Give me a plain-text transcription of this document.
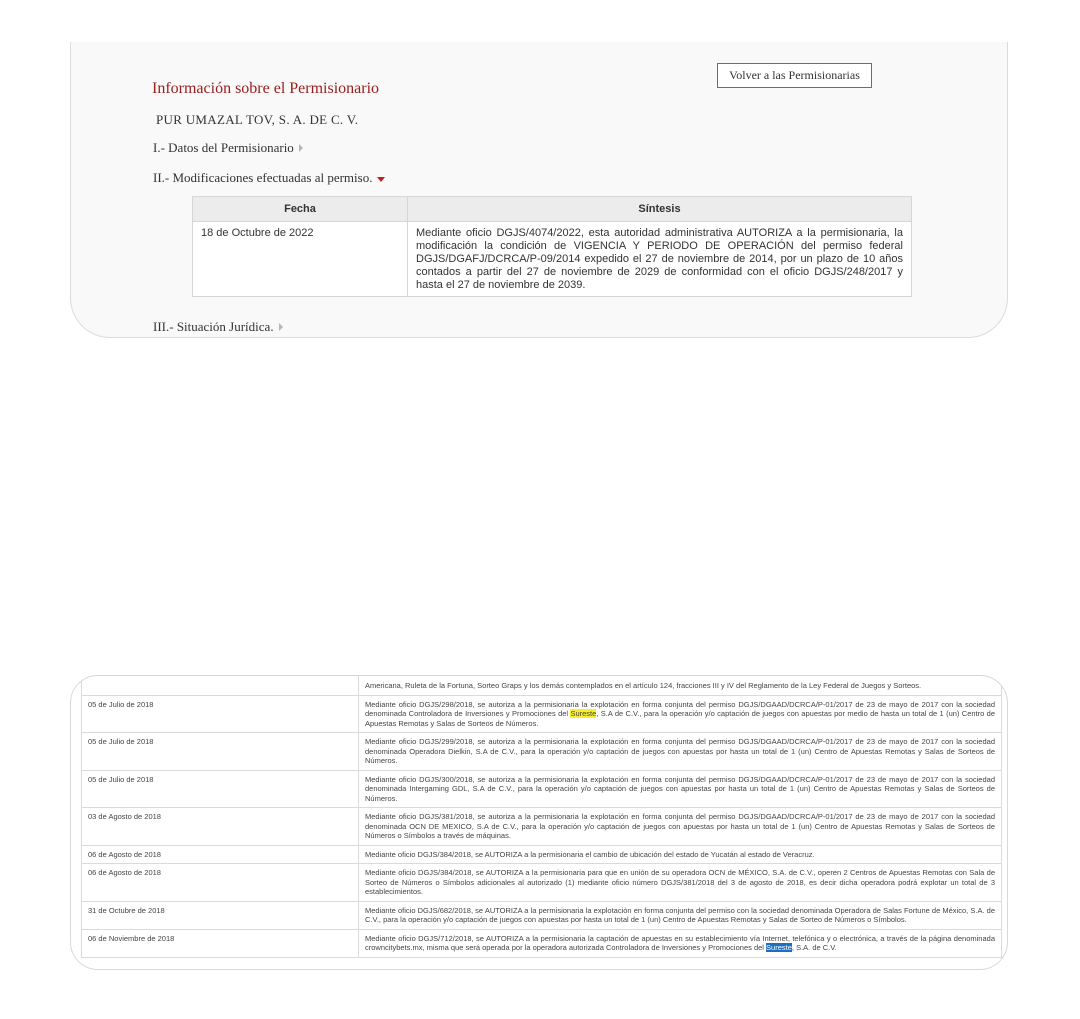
Información sobre el Permisionario
Volver a las Permisionarias
PUR UMAZAL TOV, S. A. DE C. V.
I.- Datos del Permisionario
II.- Modificaciones efectuadas al permiso.
Fecha	Síntesis
18 de Octubre de 2022	Mediante oficio DGJS/4074/2022, esta autoridad administrativa AUTORIZA a la permisionaria, la modificación la condición de VIGENCIA Y PERIODO DE OPERACIÓN del permiso federal DGJS/DGAFJ/DCRCA/P-09/2014 expedido el 27 de noviembre de 2014, por un plazo de 10 años contados a partir del 27 de noviembre de 2029 de conformidad con el oficio DGJS/248/2017 y hasta el 27 de noviembre de 2039.
III.- Situación Jurídica.
	Americana, Ruleta de la Fortuna, Sorteo Graps y los demás contemplados en el artículo 124, fracciones III y IV del Reglamento de la Ley Federal de Juegos y Sorteos.
05 de Julio de 2018	Mediante oficio DGJS/298/2018, se autoriza a la permisionaria la explotación en forma conjunta del permiso DGJS/DGAAD/DCRCA/P-01/2017 de 23 de mayo de 2017 con la sociedad denominada Controladora de Inversiones y Promociones del Sureste, S.A de C.V., para la operación y/o captación de juegos con apuestas por medio de hasta un total de 1 (un) Centro de Apuestas Remotas y Salas de Sorteos de Números.
05 de Julio de 2018	Mediante oficio DGJS/299/2018, se autoriza a la permisionaria la explotación en forma conjunta del permiso DGJS/DGAAD/DCRCA/P-01/2017 de 23 de mayo de 2017 con la sociedad denominada Operadora Dielkin, S.A de C.V., para la operación y/o captación de juegos con apuestas por hasta un total de 1 (un) Centro de Apuestas Remotas y Salas de Sorteos de Números.
05 de Julio de 2018	Mediante oficio DGJS/300/2018, se autoriza a la permisionaria la explotación en forma conjunta del permiso DGJS/DGAAD/DCRCA/P-01/2017 de 23 de mayo de 2017 con la sociedad denominada Intergaming GDL, S.A de C.V., para la operación y/o captación de juegos con apuestas por hasta un total de 1 (un) Centro de Apuestas Remotas y Salas de Sorteos de Números.
03 de Agosto de 2018	Mediante oficio DGJS/381/2018, se autoriza a la permisionaria la explotación en forma conjunta del permiso DGJS/DGAAD/DCRCA/P-01/2017 de 23 de mayo de 2017 con la sociedad denominada OCN DE MEXICO, S.A de C.V., para la operación y/o captación de juegos con apuestas por hasta un total de 1 (un) Centro de Apuestas Remotas y Salas de Sorteos de Números o Símbolos a través de máquinas.
06 de Agosto de 2018	Mediante oficio DGJS/384/2018, se AUTORIZA a la permisionaria el cambio de ubicación del estado de Yucatán al estado de Veracruz.
06 de Agosto de 2018	Mediante oficio DGJS/384/2018, se AUTORIZA a la permisionaria para que en unión de su operadora OCN de MÉXICO, S.A. de C.V., operen 2 Centros de Apuestas Remotas con Sala de Sorteo de Números o Símbolos adicionales al autorizado (1) mediante oficio número DGJS/381/2018 del 3 de agosto de 2018, es decir dicha operadora podrá explotar un total de 3 establecimientos.
31 de Octubre de 2018	Mediante oficio DGJS/682/2018, se AUTORIZA a la permisionaria la explotación en forma conjunta del permiso con la sociedad denominada Operadora de Salas Fortune de México, S.A. de C.V., para la operación y/o captación de juegos con apuestas por hasta un total de 1 (un) Centro de Apuestas Remotas y Salas de Sorteo de Números o Símbolos.
06 de Noviembre de 2018	Mediante oficio DGJS/712/2018, se AUTORIZA a la permisionaria la captación de apuestas en su establecimiento vía Internet, telefónica y o electrónica, a través de la página denominada crowncitybets.mx, misma que será operada por la operadora autorizada Controladora de Inversiones y Promociones del Sureste, S.A. de C.V.
